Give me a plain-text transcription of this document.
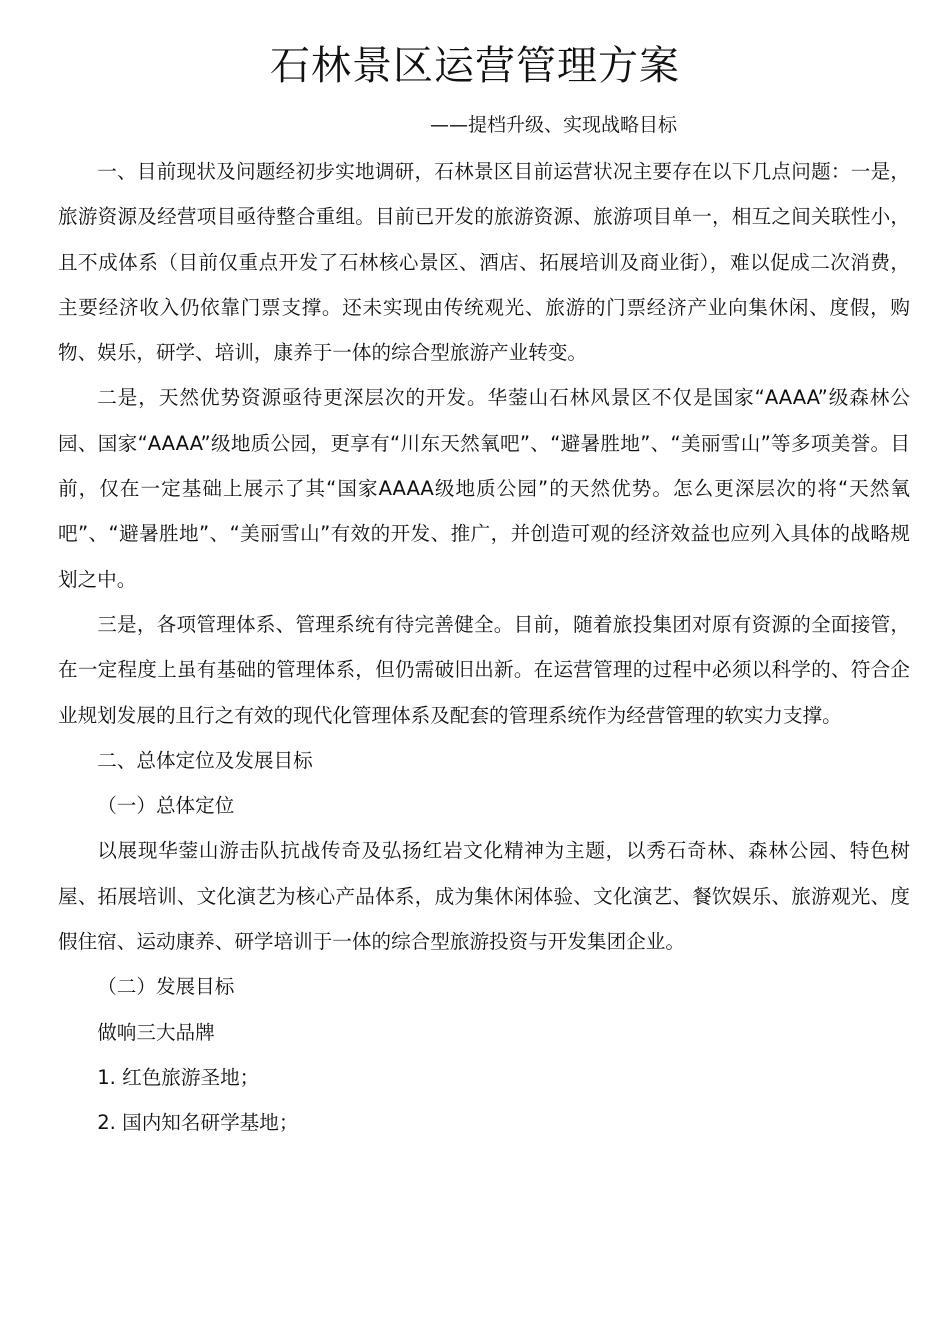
石林景区运营管理方案

——提档升级、实现战略目标

一、目前现状及问题经初步实地调研，石林景区目前运营状况主要存在以下几点问题：一是，旅游资源及经营项目亟待整合重组。目前已开发的旅游资源、旅游项目单一，相互之间关联性小，且不成体系（目前仅重点开发了石林核心景区、酒店、拓展培训及商业街），难以促成二次消费，主要经济收入仍依靠门票支撑。还未实现由传统观光、旅游的门票经济产业向集休闲、度假，购物、娱乐，研学、培训，康养于一体的综合型旅游产业转变。

二是，天然优势资源亟待更深层次的开发。华蓥山石林风景区不仅是国家“AAAA”级森林公园、国家“AAAA”级地质公园，更享有“川东天然氧吧”、“避暑胜地”、“美丽雪山”等多项美誉。目前，仅在一定基础上展示了其“国家AAAA级地质公园”的天然优势。怎么更深层次的将“天然氧吧”、“避暑胜地”、“美丽雪山”有效的开发、推广，并创造可观的经济效益也应列入具体的战略规划之中。

三是，各项管理体系、管理系统有待完善健全。目前，随着旅投集团对原有资源的全面接管，在一定程度上虽有基础的管理体系，但仍需破旧出新。在运营管理的过程中必须以科学的、符合企业规划发展的且行之有效的现代化管理体系及配套的管理系统作为经营管理的软实力支撑。

二、总体定位及发展目标

（一）总体定位

以展现华蓥山游击队抗战传奇及弘扬红岩文化精神为主题，以秀石奇林、森林公园、特色树屋、拓展培训、文化演艺为核心产品体系，成为集休闲体验、文化演艺、餐饮娱乐、旅游观光、度假住宿、运动康养、研学培训于一体的综合型旅游投资与开发集团企业。

（二）发展目标

做响三大品牌

1. 红色旅游圣地；

2. 国内知名研学基地；
